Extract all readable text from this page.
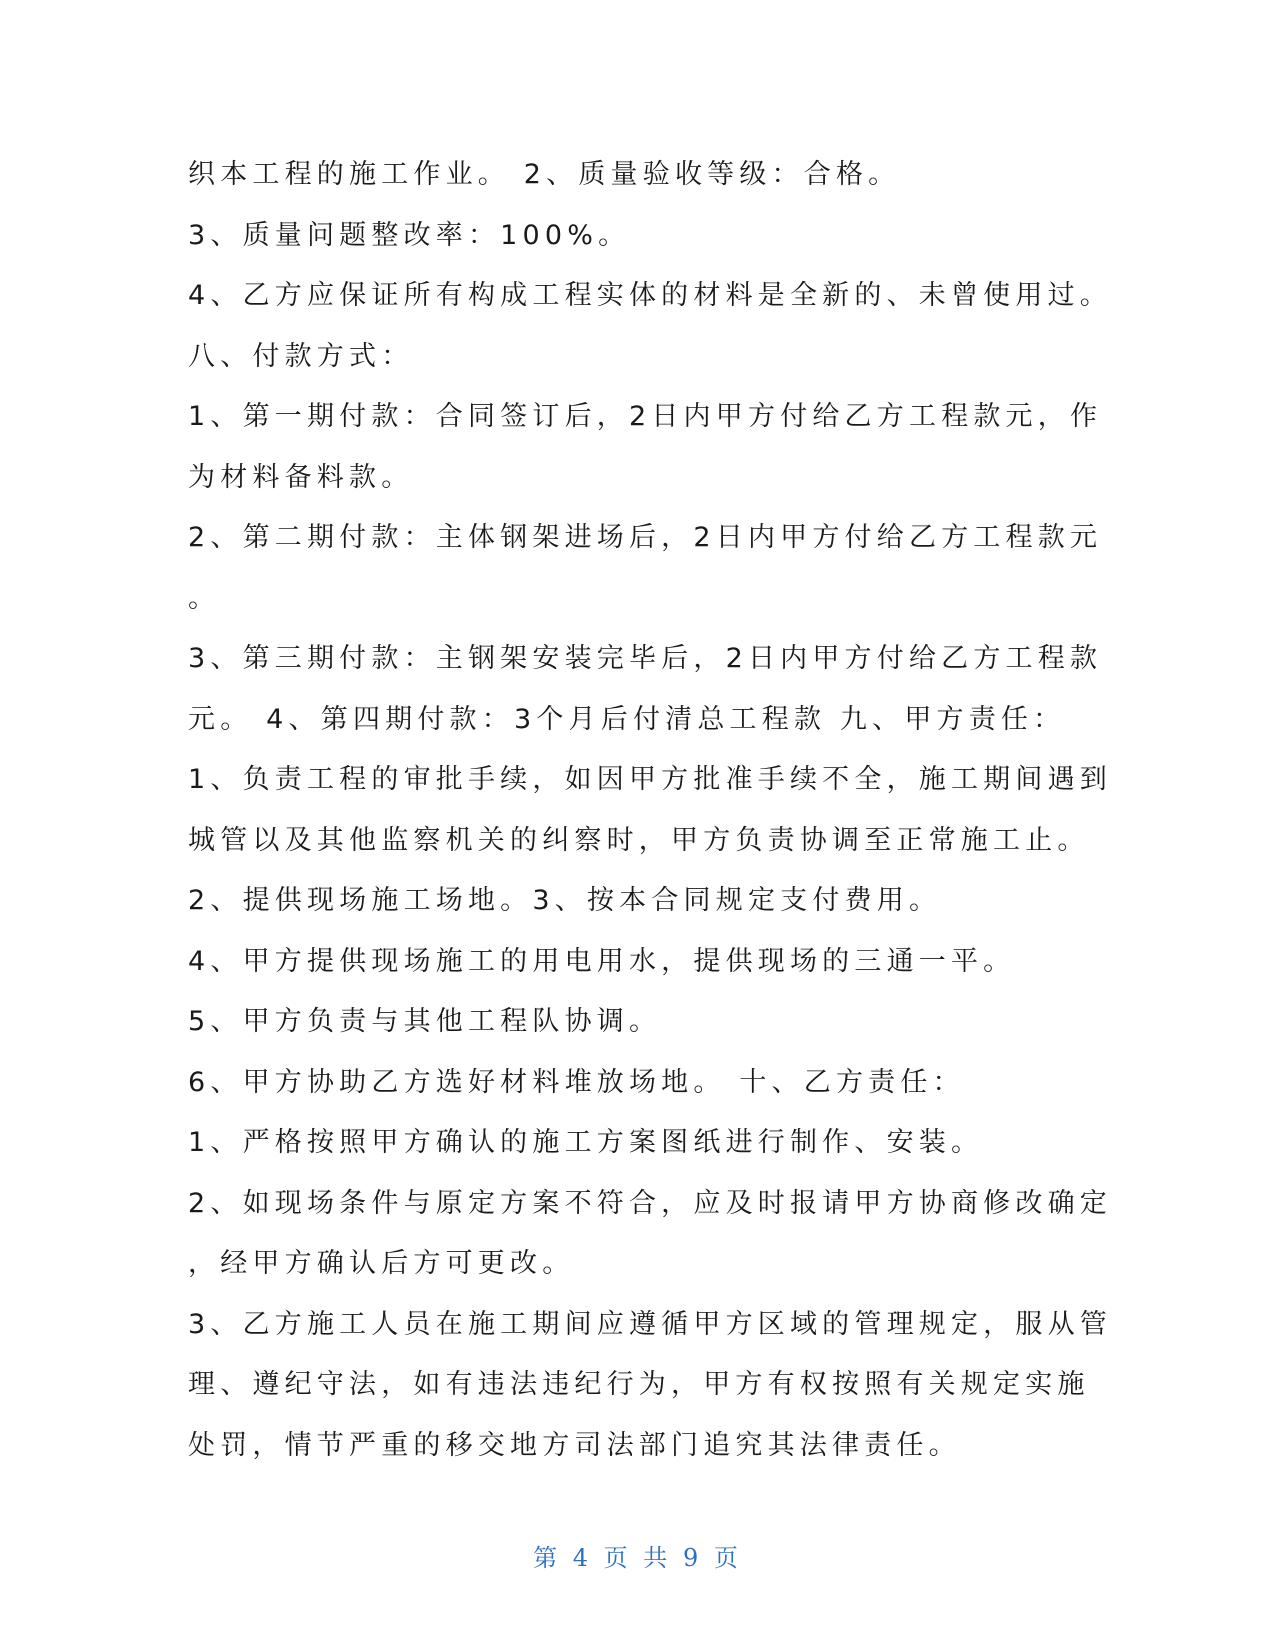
织本工程的施工作业。 2、质量验收等级：合格。
3、质量问题整改率：100%。
4、乙方应保证所有构成工程实体的材料是全新的、未曾使用过。
八、付款方式：
1、第一期付款：合同签订后，2日内甲方付给乙方工程款元，作
为材料备料款。
2、第二期付款：主体钢架进场后，2日内甲方付给乙方工程款元
。
3、第三期付款：主钢架安装完毕后，2日内甲方付给乙方工程款
元。 4、第四期付款：3个月后付清总工程款 九、甲方责任：
1、负责工程的审批手续，如因甲方批准手续不全，施工期间遇到
城管以及其他监察机关的纠察时，甲方负责协调至正常施工止。
2、提供现场施工场地。3、按本合同规定支付费用。
4、甲方提供现场施工的用电用水，提供现场的三通一平。
5、甲方负责与其他工程队协调。
6、甲方协助乙方选好材料堆放场地。 十、乙方责任：
1、严格按照甲方确认的施工方案图纸进行制作、安装。
2、如现场条件与原定方案不符合，应及时报请甲方协商修改确定
，经甲方确认后方可更改。
3、乙方施工人员在施工期间应遵循甲方区域的管理规定，服从管
理、遵纪守法，如有违法违纪行为，甲方有权按照有关规定实施
处罚，情节严重的移交地方司法部门追究其法律责任。
第 4 页 共 9 页
